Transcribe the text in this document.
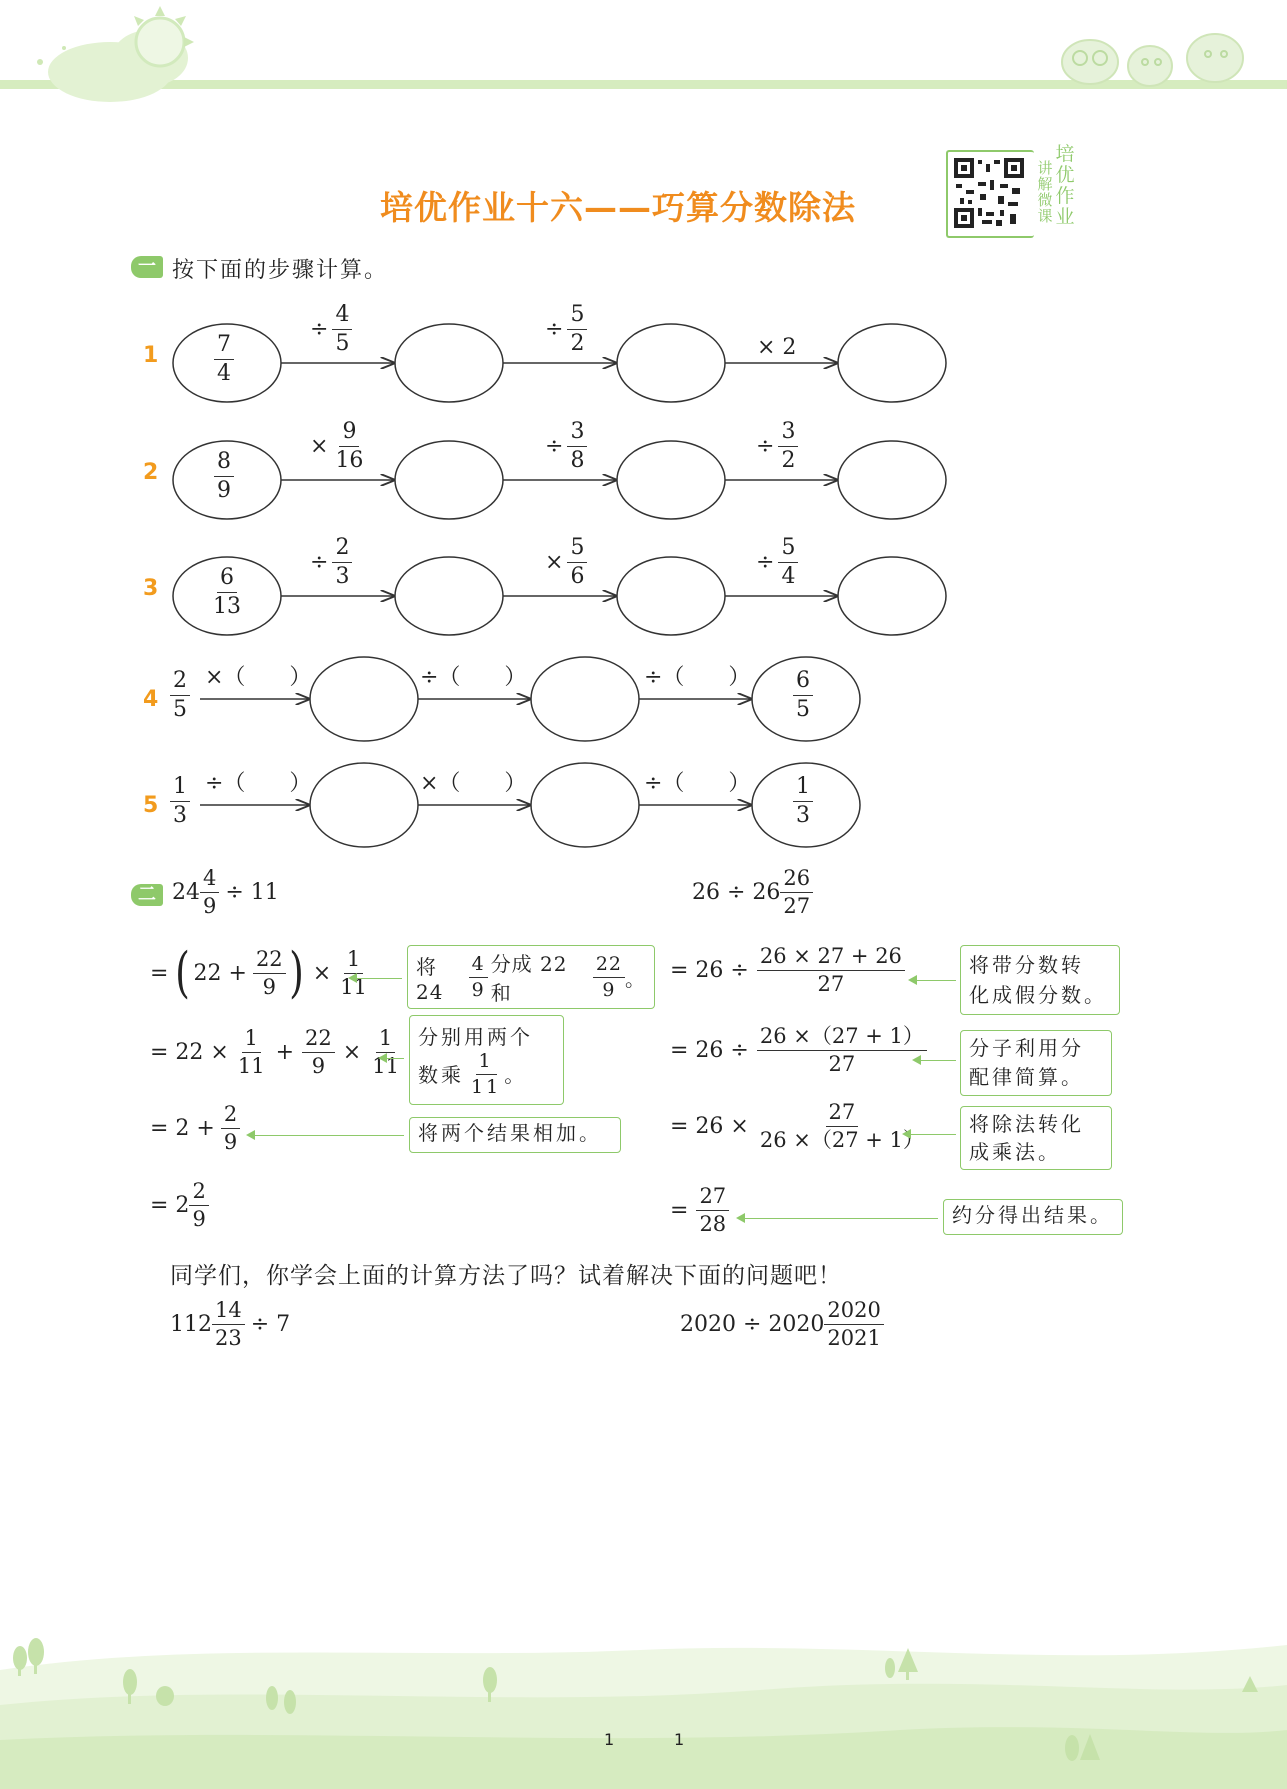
培优作业十六——巧算分数除法
讲解微课
培优作业
一 按下面的步骤计算。
1
2
3
4
5
7
4
÷ $\frac{4}{5}$	÷ $\frac{5}{2}$	× 2
8
9
× $\frac{9}{16}$	÷ $\frac{3}{8}$	÷ $\frac{3}{2}$
6
13
÷ $\frac{2}{3}$	× $\frac{5}{6}$	÷ $\frac{5}{4}$
2
5
×（　　）	÷（　　）	÷（　　） 6
5
1
3
÷（　　）	×（　　）	÷（　　） 1
3
二 $24 \frac{4}{9} \div 11$	26 ÷ 26
26
27
= ( $22 + \frac{22}{9}$ ) × $\frac{1}{11}$ 将 24
4
9
分成 22 和
22
9 。
= $22 \times \frac{1}{11} + \frac{22}{9} \times \frac{1}{11}$ 分别用两个
数乘
1
11
。
= $2 + \frac{2}{9}$	将两个结果相加。
= 2
2
9
= $26 \div \frac{26 \times 27 + 26}{27}$	将带分数转
化成假分数。
= $26 \div \frac{26 \times(27 + 1)}{27}$ 分子利用分
配律简算。
= $26 \times \frac{27}{26 \times(27 + 1)}$ 将除法转化
成乘法。
= $\frac{27}{28}$	约分得出结果。
同学们，你学会上面的计算方法了吗？试着解决下面的问题吧！
$112 \frac{14}{23} \div 7$	2020 ÷ 2020
2020
2021
1	1
